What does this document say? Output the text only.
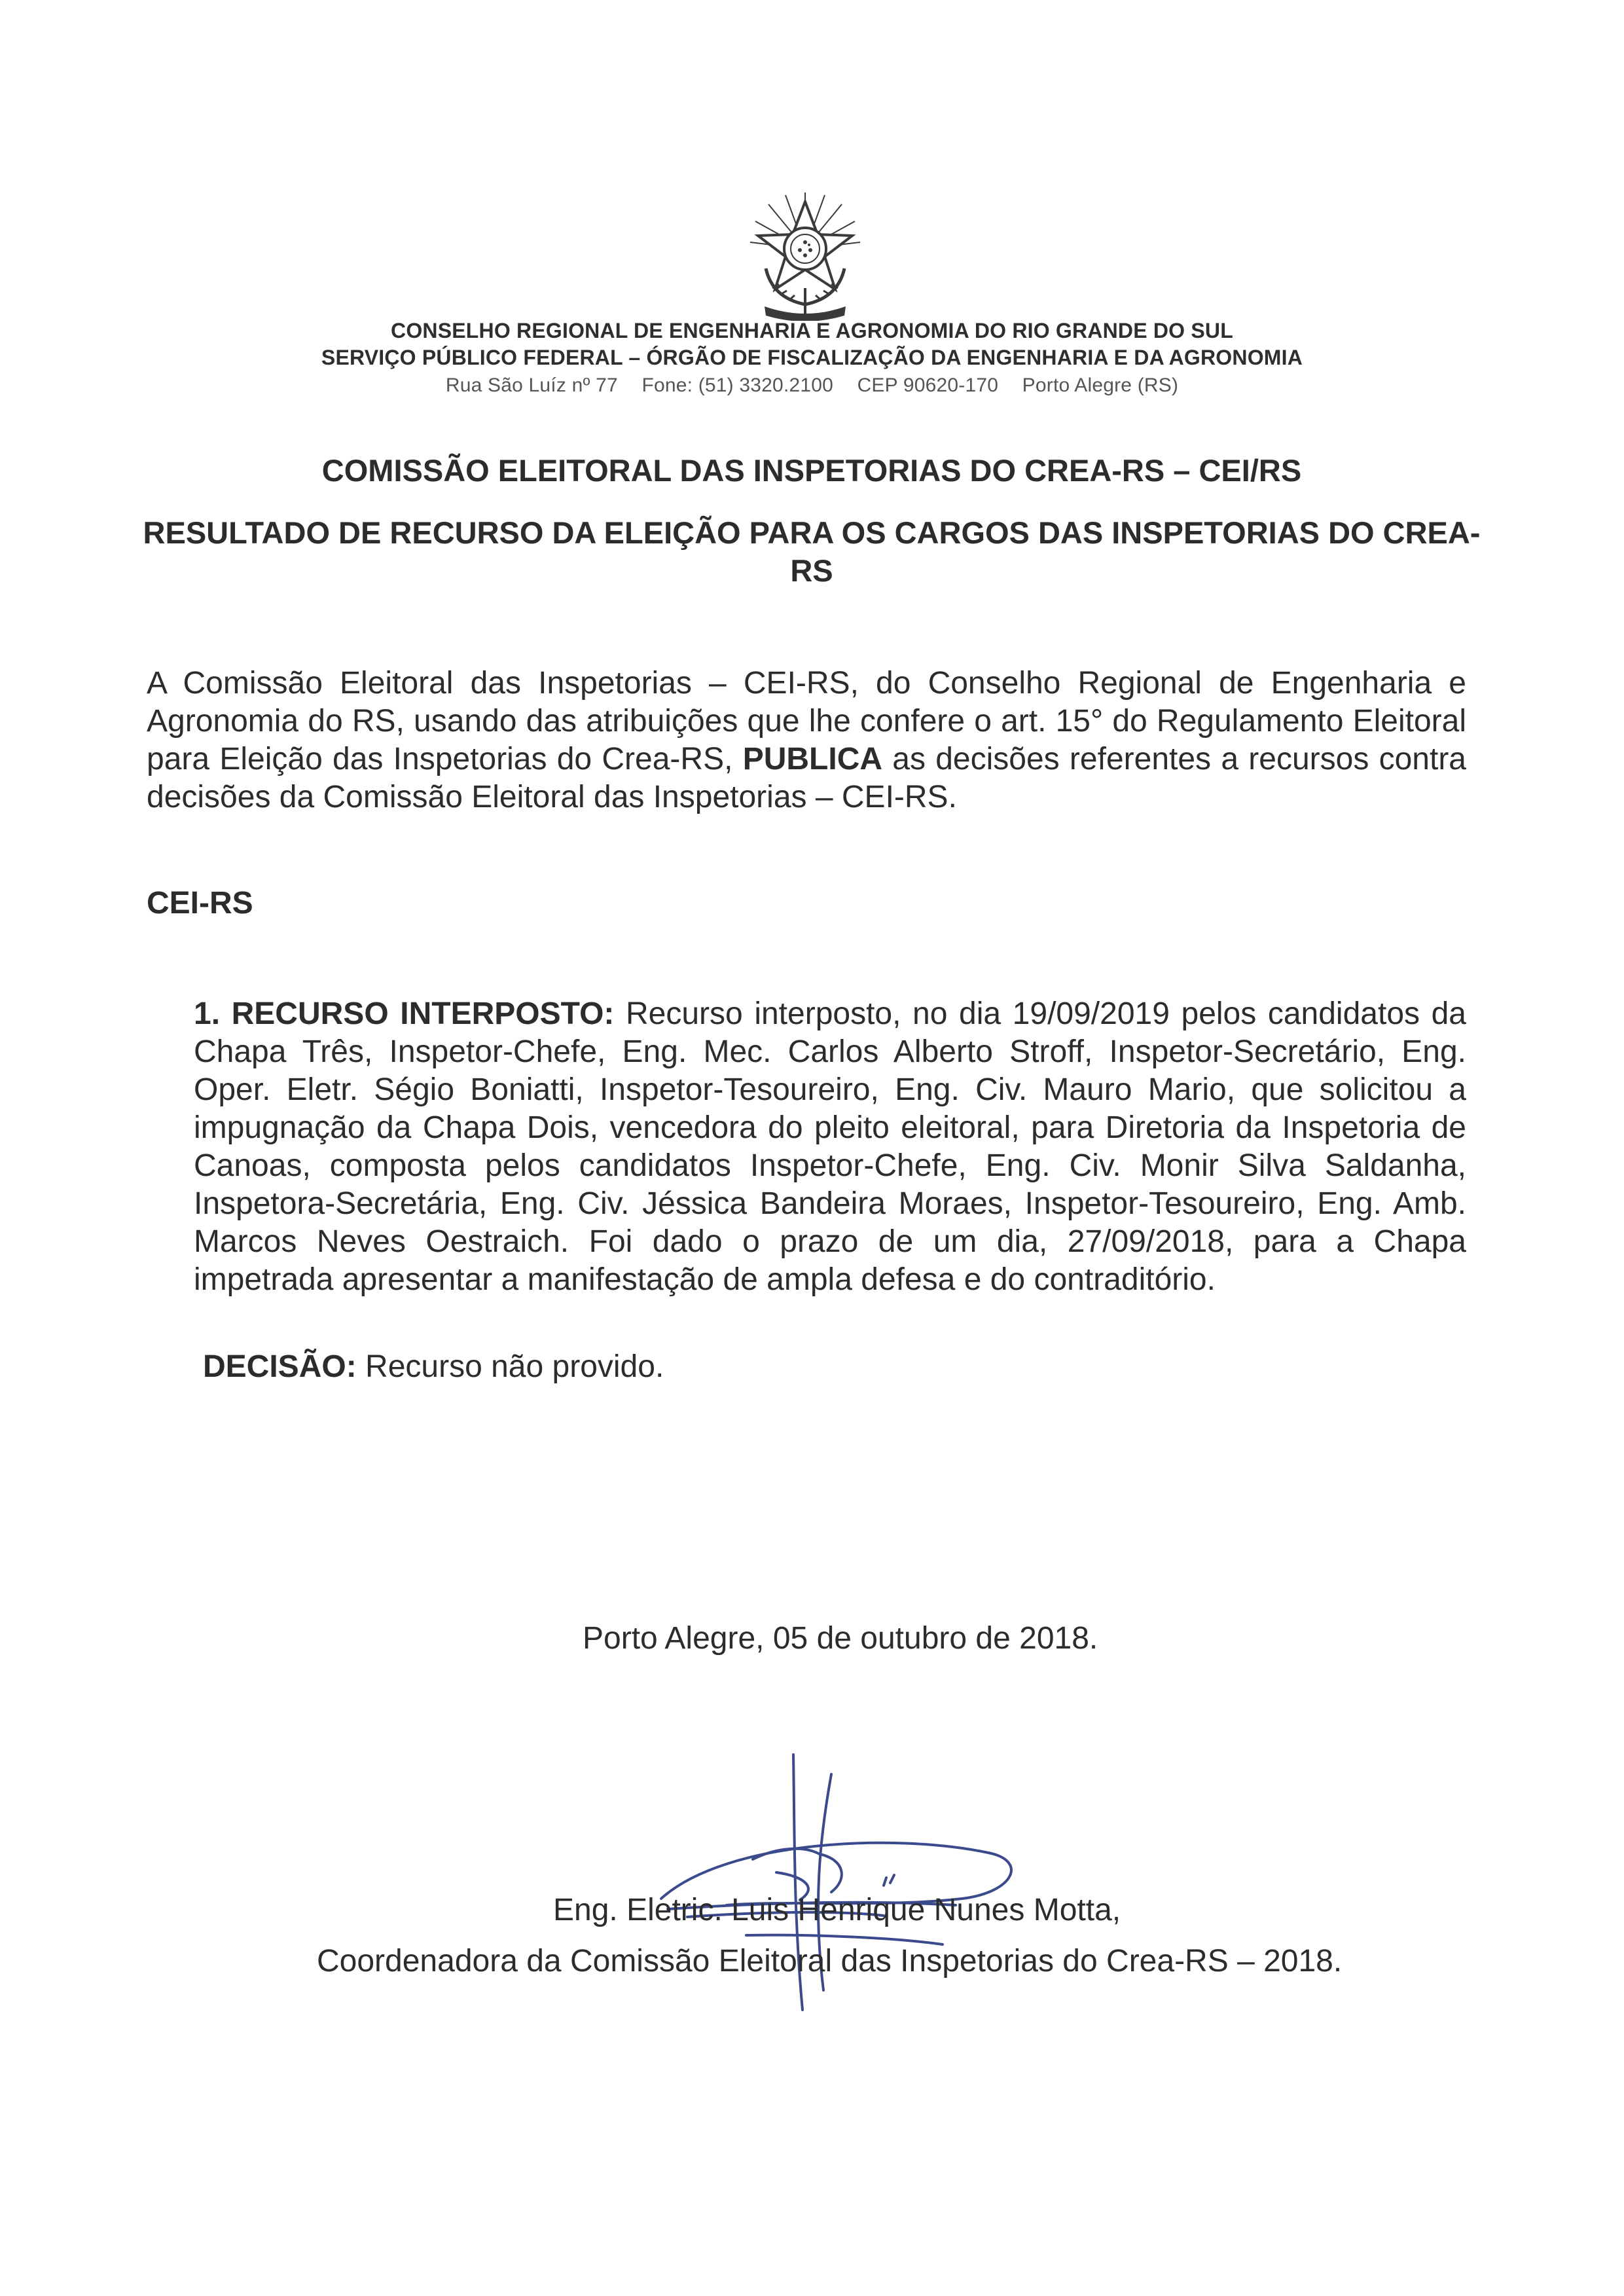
CONSELHO REGIONAL DE ENGENHARIA E AGRONOMIA DO RIO GRANDE DO SUL
SERVIÇO PÚBLICO FEDERAL – ÓRGÃO DE FISCALIZAÇÃO DA ENGENHARIA E DA AGRONOMIA
Rua São Luíz nº 77 Fone: (51) 3320.2100 CEP 90620-170 Porto Alegre (RS)
COMISSÃO ELEITORAL DAS INSPETORIAS DO CREA-RS – CEI/RS
RESULTADO DE RECURSO DA ELEIÇÃO PARA OS CARGOS DAS INSPETORIAS DO CREA-RS
A Comissão Eleitoral das Inspetorias – CEI-RS, do Conselho Regional de Engenharia e Agronomia do RS, usando das atribuições que lhe confere o art. 15° do Regulamento Eleitoral para Eleição das Inspetorias do Crea-RS, PUBLICA as decisões referentes a recursos contra decisões da Comissão Eleitoral das Inspetorias – CEI-RS.
CEI-RS
1. RECURSO INTERPOSTO: Recurso interposto, no dia 19/09/2019 pelos candidatos da Chapa Três, Inspetor-Chefe, Eng. Mec. Carlos Alberto Stroff, Inspetor-Secretário, Eng. Oper. Eletr. Ségio Boniatti, Inspetor-Tesoureiro, Eng. Civ. Mauro Mario, que solicitou a impugnação da Chapa Dois, vencedora do pleito eleitoral, para Diretoria da Inspetoria de Canoas, composta pelos candidatos Inspetor-Chefe, Eng. Civ. Monir Silva Saldanha, Inspetora-Secretária, Eng. Civ. Jéssica Bandeira Moraes, Inspetor-Tesoureiro, Eng. Amb. Marcos Neves Oestraich. Foi dado o prazo de um dia, 27/09/2018, para a Chapa impetrada apresentar a manifestação de ampla defesa e do contraditório.
DECISÃO: Recurso não provido.
Porto Alegre, 05 de outubro de 2018.
Eng. Eletric. Luis Henrique Nunes Motta,
Coordenadora da Comissão Eleitoral das Inspetorias do Crea-RS – 2018.
